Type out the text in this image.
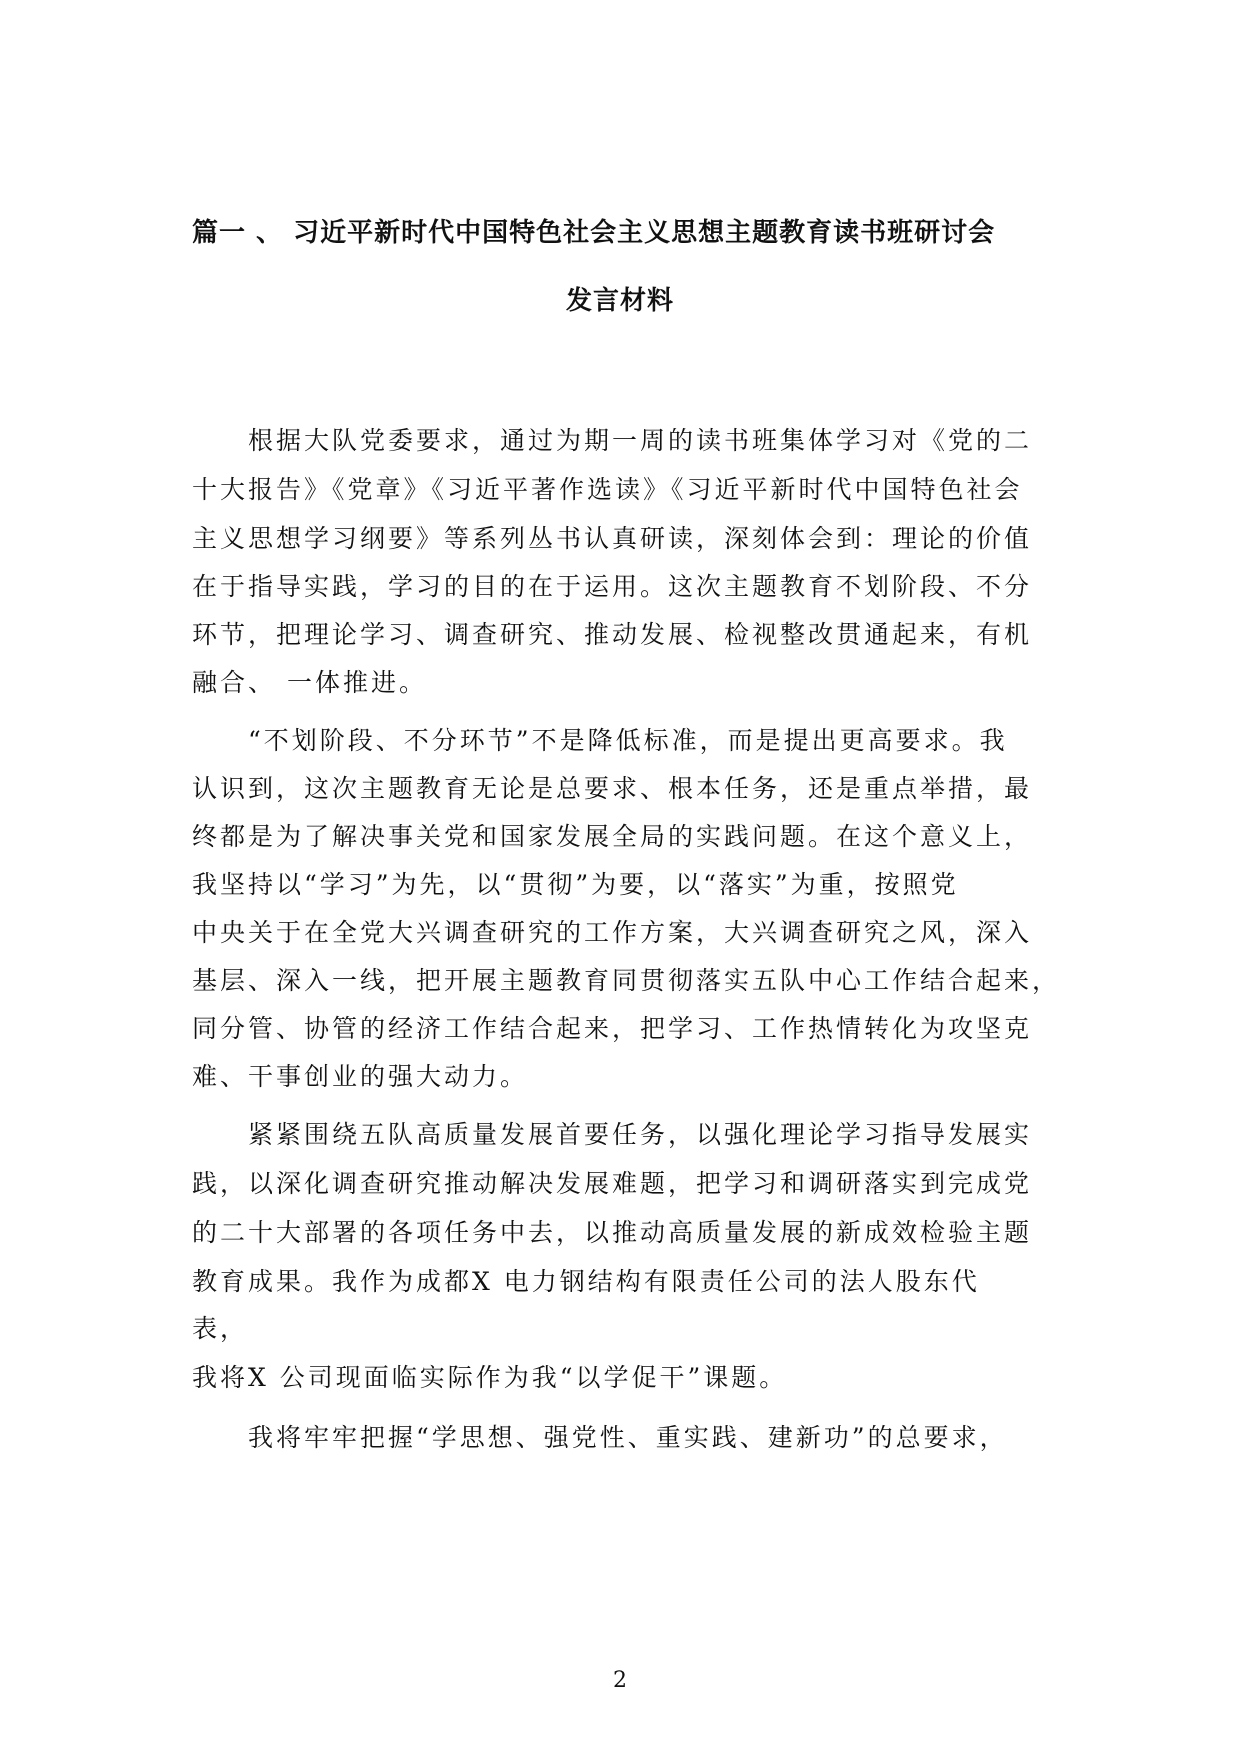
篇一 、 习近平新时代中国特色社会主义思想主题教育读书班研讨会
发言材料
　　根据大队党委要求，通过为期一周的读书班集体学习对《党的二
十大报告》《党章》《习近平著作选读》《习近平新时代中国特色社会
主义思想学习纲要》等系列丛书认真研读，深刻体会到：理论的价值
在于指导实践，学习的目的在于运用。这次主题教育不划阶段、不分
环节，把理论学习、调查研究、推动发展、检视整改贯通起来，有机
融合、 一体推进。
　　“不划阶段、不分环节”不是降低标准，而是提出更高要求。我
认识到，这次主题教育无论是总要求、根本任务，还是重点举措，最
终都是为了解决事关党和国家发展全局的实践问题。在这个意义上，
我坚持以“学习”为先，以“贯彻”为要，以“落实”为重，按照党
中央关于在全党大兴调查研究的工作方案，大兴调查研究之风，深入
基层、深入一线，把开展主题教育同贯彻落实五队中心工作结合起来，
同分管、协管的经济工作结合起来，把学习、工作热情转化为攻坚克
难、干事创业的强大动力。
　　紧紧围绕五队高质量发展首要任务，以强化理论学习指导发展实
践，以深化调查研究推动解决发展难题，把学习和调研落实到完成党
的二十大部署的各项任务中去，以推动高质量发展的新成效检验主题
教育成果。我作为成都X 电力钢结构有限责任公司的法人股东代
表，
我将X 公司现面临实际作为我“以学促干”课题。
　　我将牢牢把握“学思想、强党性、重实践、建新功”的总要求，
2
